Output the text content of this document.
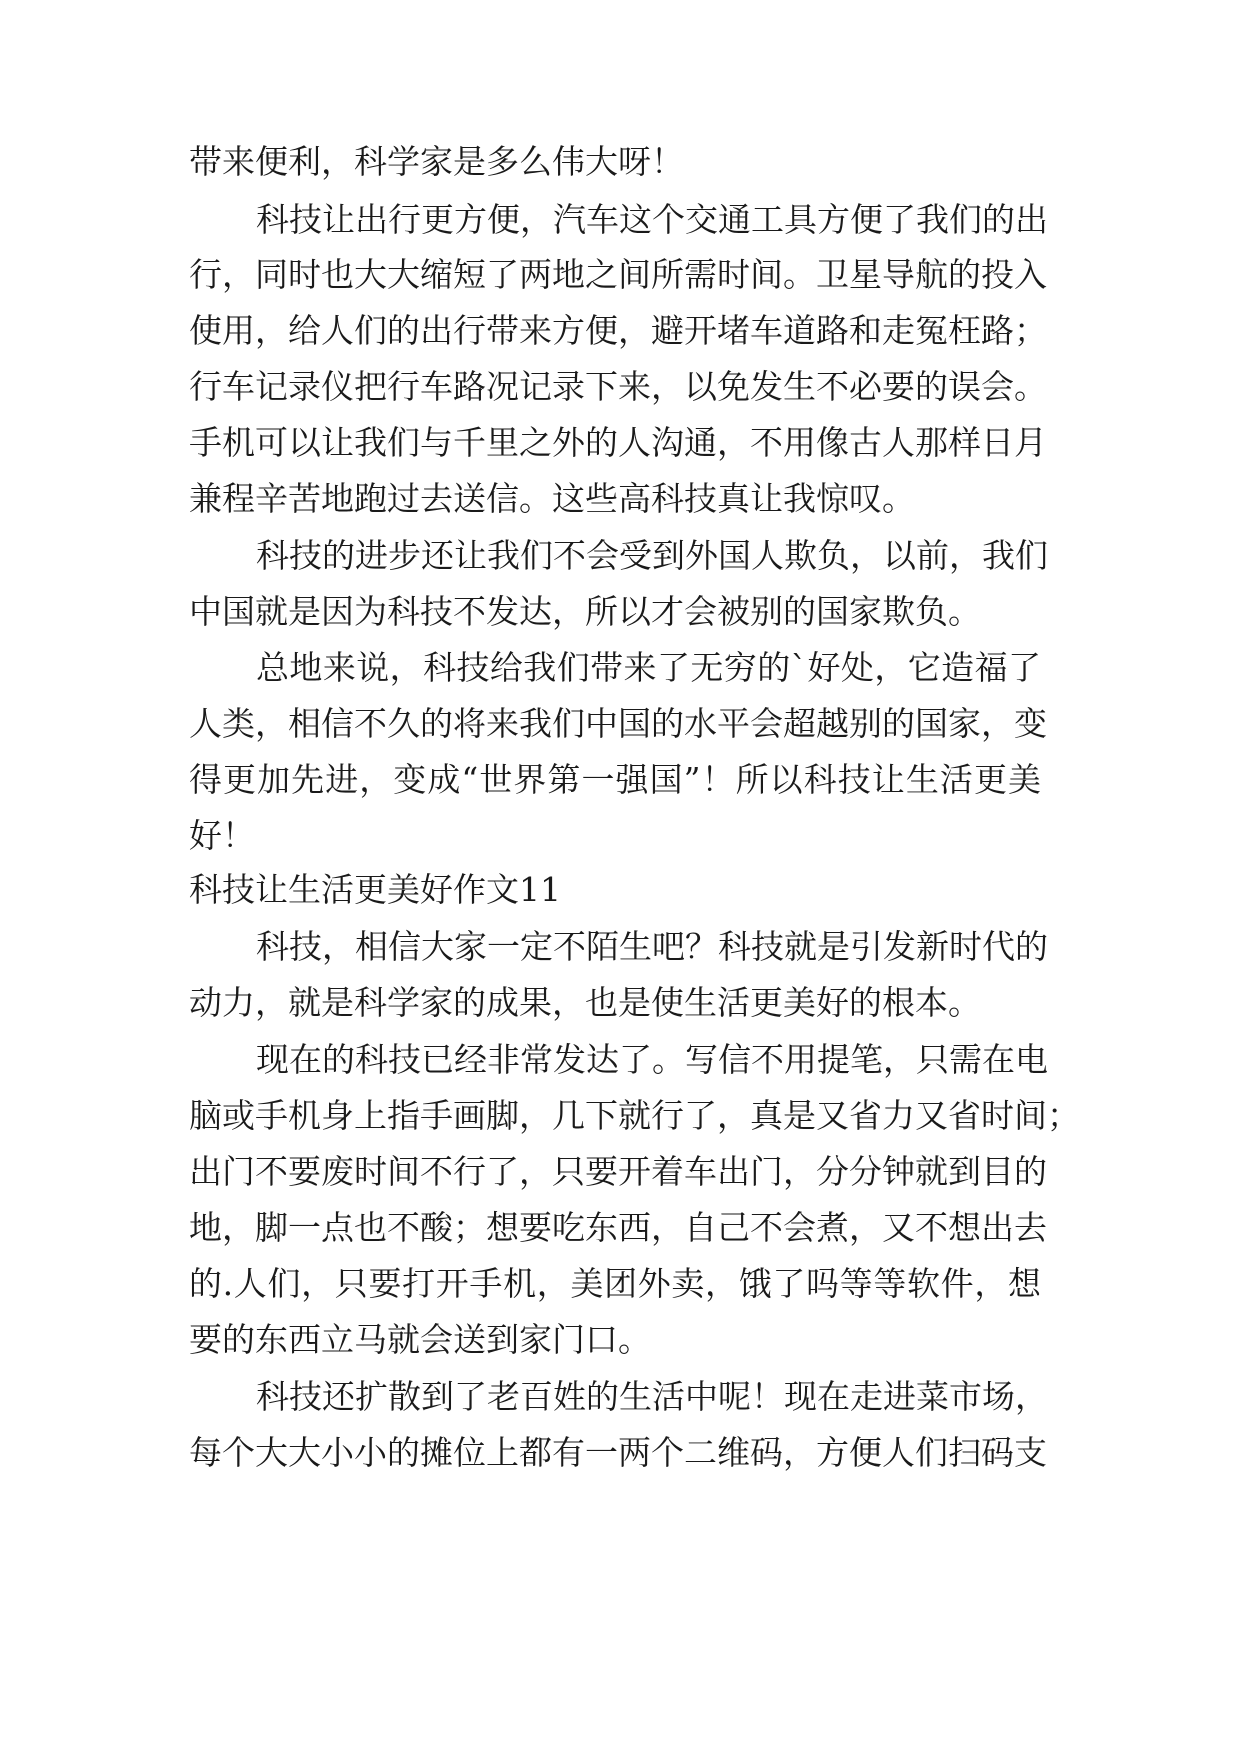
带来便利，科学家是多么伟大呀！
科技让出行更方便，汽车这个交通工具方便了我们的出
行，同时也大大缩短了两地之间所需时间。卫星导航的投入
使用，给人们的出行带来方便，避开堵车道路和走冤枉路；
行车记录仪把行车路况记录下来，以免发生不必要的误会。
手机可以让我们与千里之外的人沟通，不用像古人那样日月
兼程辛苦地跑过去送信。这些高科技真让我惊叹。
科技的进步还让我们不会受到外国人欺负，以前，我们
中国就是因为科技不发达，所以才会被别的国家欺负。
总地来说，科技给我们带来了无穷的`好处，它造福了
人类，相信不久的将来我们中国的水平会超越别的国家，变
得更加先进，变成“世界第一强国”！所以科技让生活更美
好！
科技让生活更美好作文11
科技，相信大家一定不陌生吧？科技就是引发新时代的
动力，就是科学家的成果，也是使生活更美好的根本。
现在的科技已经非常发达了。写信不用提笔，只需在电
脑或手机身上指手画脚，几下就行了，真是又省力又省时间；
出门不要废时间不行了，只要开着车出门，分分钟就到目的
地，脚一点也不酸；想要吃东西，自己不会煮，又不想出去
的.人们，只要打开手机，美团外卖，饿了吗等等软件，想
要的东西立马就会送到家门口。
科技还扩散到了老百姓的生活中呢！现在走进菜市场，
每个大大小小的摊位上都有一两个二维码，方便人们扫码支
